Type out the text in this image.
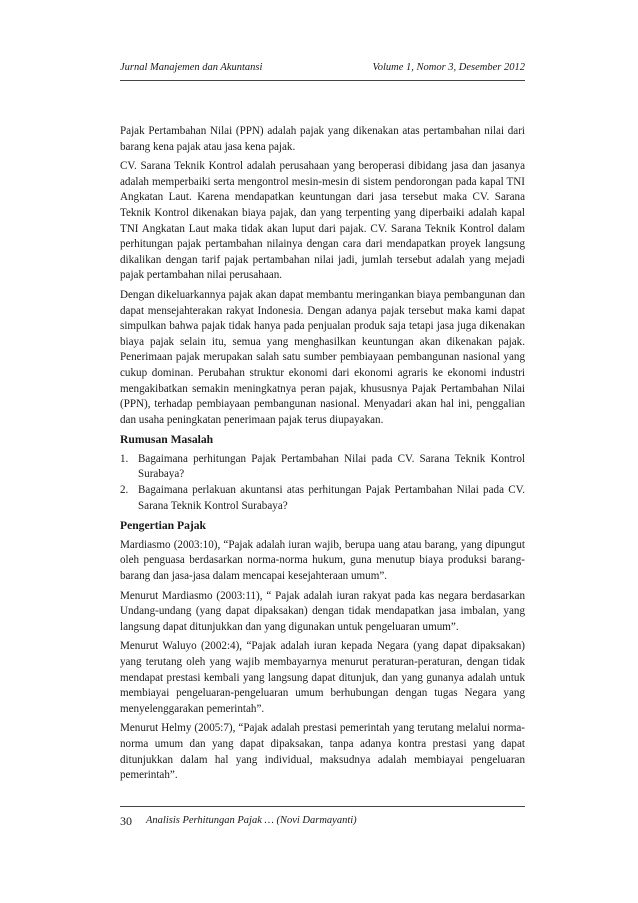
Jurnal Manajemen dan Akuntansi	Volume 1, Nomor 3, Desember 2012

Pajak Pertambahan Nilai (PPN) adalah pajak yang dikenakan atas pertambahan nilai dari barang kena pajak atau jasa kena pajak.

CV. Sarana Teknik Kontrol adalah perusahaan yang beroperasi dibidang jasa dan jasanya adalah memperbaiki serta mengontrol mesin-mesin di sistem pendorongan pada kapal TNI Angkatan Laut. Karena mendapatkan keuntungan dari jasa tersebut maka CV. Sarana Teknik Kontrol dikenakan biaya pajak, dan yang terpenting yang diperbaiki adalah kapal TNI Angkatan Laut maka tidak akan luput dari pajak. CV. Sarana Teknik Kontrol dalam perhitungan pajak pertambahan nilainya dengan cara dari mendapatkan proyek langsung dikalikan dengan tarif pajak pertambahan nilai jadi, jumlah tersebut adalah yang mejadi pajak pertambahan nilai perusahaan.

Dengan dikeluarkannya pajak akan dapat membantu meringankan biaya pembangunan dan dapat mensejahterakan rakyat Indonesia. Dengan adanya pajak tersebut maka kami dapat simpulkan bahwa pajak tidak hanya pada penjualan produk saja tetapi jasa juga dikenakan biaya pajak selain itu, semua yang menghasilkan keuntungan akan dikenakan pajak. Penerimaan pajak merupakan salah satu sumber pembiayaan pembangunan nasional yang cukup dominan. Perubahan struktur ekonomi dari ekonomi agraris ke ekonomi industri mengakibatkan semakin meningkatnya peran pajak, khususnya Pajak Pertambahan Nilai (PPN), terhadap pembiayaan pembangunan nasional. Menyadari akan hal ini, penggalian dan usaha peningkatan penerimaan pajak terus diupayakan.

Rumusan Masalah
1. Bagaimana perhitungan Pajak Pertambahan Nilai pada CV. Sarana Teknik Kontrol Surabaya?
2. Bagaimana perlakuan akuntansi atas perhitungan Pajak Pertambahan Nilai pada CV. Sarana Teknik Kontrol Surabaya?
Pengertian Pajak

Mardiasmo (2003:10), “Pajak adalah iuran wajib, berupa uang atau barang, yang dipungut oleh penguasa berdasarkan norma-norma hukum, guna menutup biaya produksi barang-barang dan jasa-jasa dalam mencapai kesejahteraan umum”.

Menurut Mardiasmo (2003:11), “ Pajak adalah iuran rakyat pada kas negara berdasarkan Undang-undang (yang dapat dipaksakan) dengan tidak mendapatkan jasa imbalan, yang langsung dapat ditunjukkan dan yang digunakan untuk pengeluaran umum”.

Menurut Waluyo (2002:4), “Pajak adalah iuran kepada Negara (yang dapat dipaksakan) yang terutang oleh yang wajib membayarnya menurut peraturan-peraturan, dengan tidak mendapat prestasi kembali yang langsung dapat ditunjuk, dan yang gunanya adalah untuk membiayai pengeluaran-pengeluaran umum berhubungan dengan tugas Negara yang menyelenggarakan pemerintah”.

Menurut Helmy (2005:7), “Pajak adalah prestasi pemerintah yang terutang melalui norma-norma umum dan yang dapat dipaksakan, tanpa adanya kontra prestasi yang dapat ditunjukkan dalam hal yang individual, maksudnya adalah membiayai pengeluaran pemerintah”.

30 Analisis Perhitungan Pajak … (Novi Darmayanti)
